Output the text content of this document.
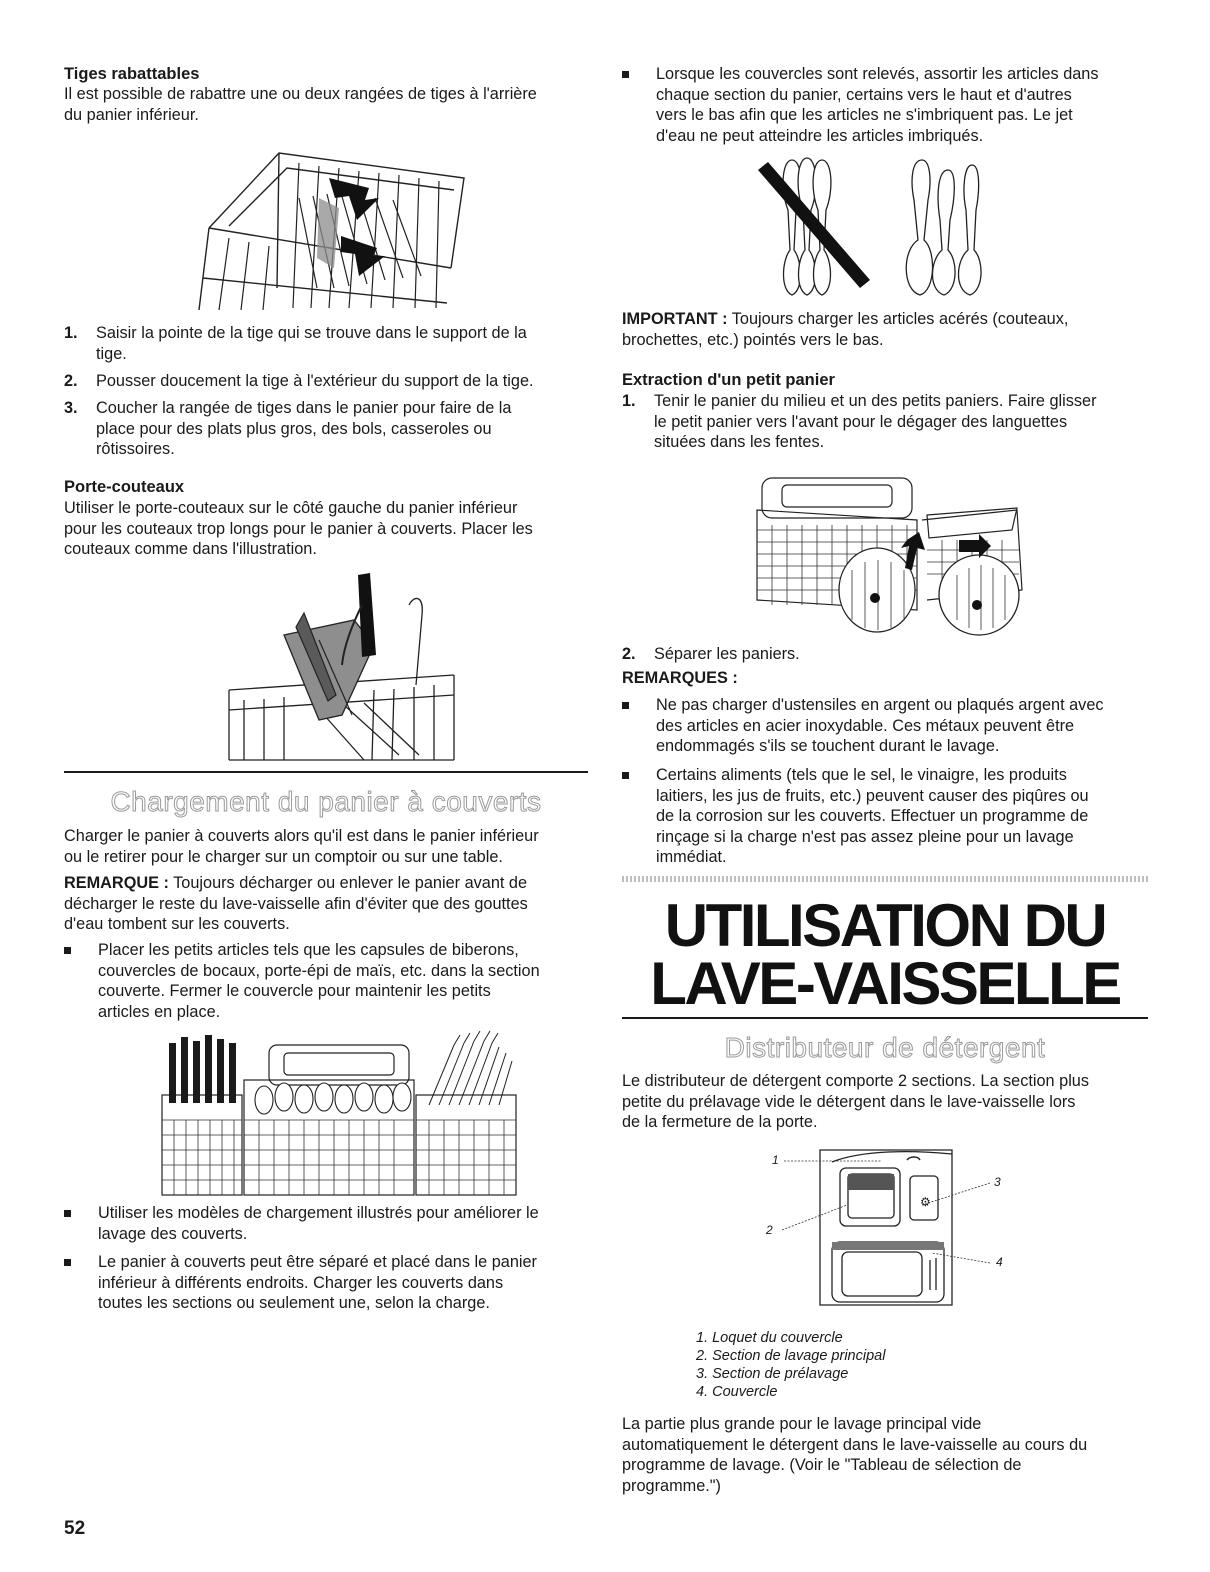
Tiges rabattables
Il est possible de rabattre une ou deux rangées de tiges à l'arrière
du panier inférieur.
1. Saisir la pointe de la tige qui se trouve dans le support de la
tige.
2. Pousser doucement la tige à l'extérieur du support de la tige.
3. Coucher la rangée de tiges dans le panier pour faire de la
place pour des plats plus gros, des bols, casseroles ou
rôtissoires.
Porte-couteaux
Utiliser le porte-couteaux sur le côté gauche du panier inférieur
pour les couteaux trop longs pour le panier à couverts. Placer les
couteaux comme dans l'illustration.
Chargement du panier à couverts
Charger le panier à couverts alors qu'il est dans le panier inférieur
ou le retirer pour le charger sur un comptoir ou sur une table.
REMARQUE : Toujours décharger ou enlever le panier avant de
décharger le reste du lave-vaisselle afin d'éviter que des gouttes
d'eau tombent sur les couverts.
Placer les petits articles tels que les capsules de biberons,
couvercles de bocaux, porte-épi de maïs, etc. dans la section
couverte. Fermer le couvercle pour maintenir les petits
articles en place.
Utiliser les modèles de chargement illustrés pour améliorer le
lavage des couverts.
Le panier à couverts peut être séparé et placé dans le panier
inférieur à différents endroits. Charger les couverts dans
toutes les sections ou seulement une, selon la charge.
52
Lorsque les couvercles sont relevés, assortir les articles dans
chaque section du panier, certains vers le haut et d'autres
vers le bas afin que les articles ne s'imbriquent pas. Le jet
d'eau ne peut atteindre les articles imbriqués.
IMPORTANT : Toujours charger les articles acérés (couteaux,
brochettes, etc.) pointés vers le bas.
Extraction d'un petit panier
1. Tenir le panier du milieu et un des petits paniers. Faire glisser
le petit panier vers l'avant pour le dégager des languettes
situées dans les fentes.
2. Séparer les paniers.
REMARQUES :
Ne pas charger d'ustensiles en argent ou plaqués argent avec
des articles en acier inoxydable. Ces métaux peuvent être
endommagés s'ils se touchent durant le lavage.
Certains aliments (tels que le sel, le vinaigre, les produits
laitiers, les jus de fruits, etc.) peuvent causer des piqûres ou
de la corrosion sur les couverts. Effectuer un programme de
rinçage si la charge n'est pas assez pleine pour un lavage
immédiat.
UTILISATION DU
LAVE-VAISSELLE
Distributeur de détergent
Le distributeur de détergent comporte 2 sections. La section plus
petite du prélavage vide le détergent dans le lave-vaisselle lors
de la fermeture de la porte.
⚙
1
2
3
4
1. Loquet du couvercle
2. Section de lavage principal
3. Section de prélavage
4. Couvercle
La partie plus grande pour le lavage principal vide
automatiquement le détergent dans le lave-vaisselle au cours du
programme de lavage. (Voir le "Tableau de sélection de
programme.")
